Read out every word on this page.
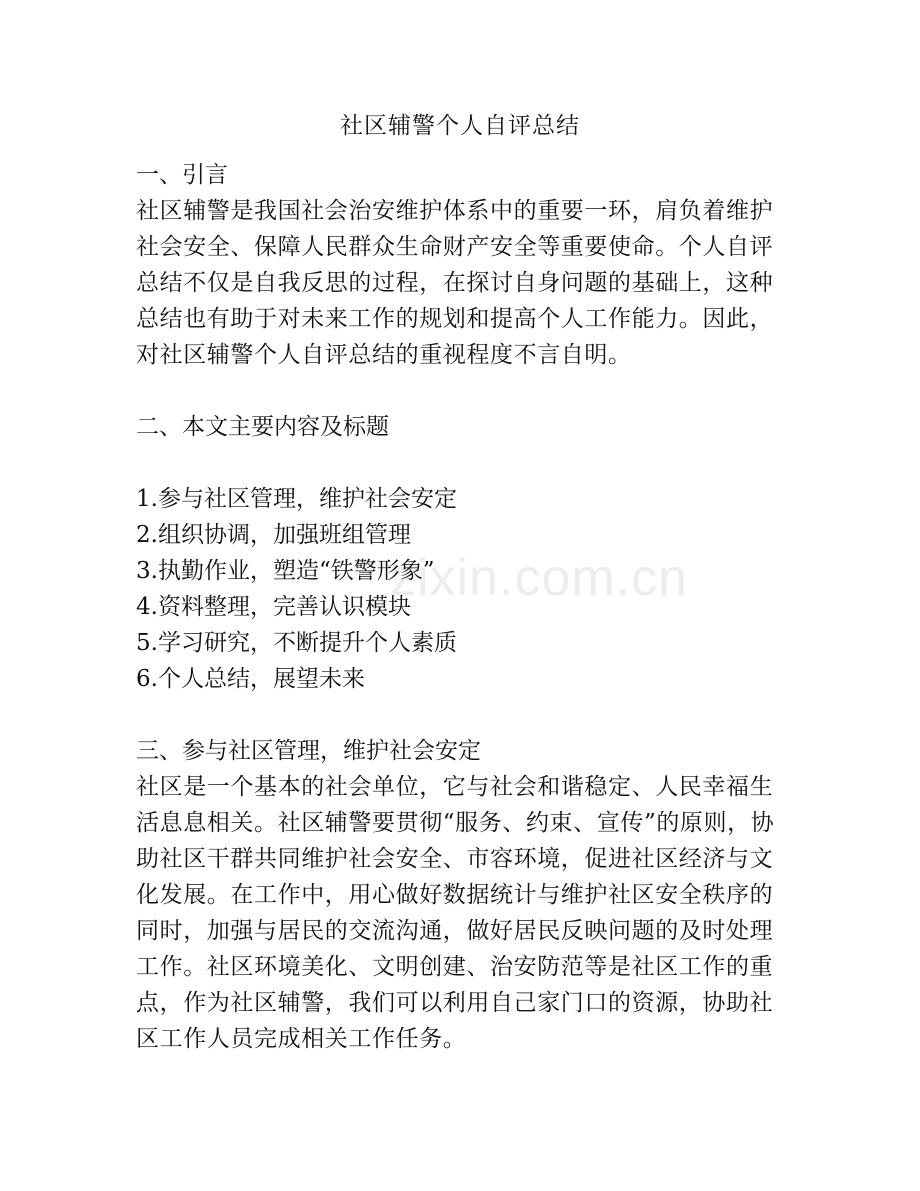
社区辅警个人自评总结
一、引言
社区辅警是我国社会治安维护体系中的重要一环，肩负着维护
社会安全、保障人民群众生命财产安全等重要使命。个人自评
总结不仅是自我反思的过程，在探讨自身问题的基础上，这种
总结也有助于对未来工作的规划和提高个人工作能力。因此，
对社区辅警个人自评总结的重视程度不言自明。
二、本文主要内容及标题
1.参与社区管理，维护社会安定
2.组织协调，加强班组管理
3.执勤作业，塑造“铁警形象”
4.资料整理，完善认识模块
5.学习研究，不断提升个人素质
6.个人总结，展望未来
三、参与社区管理，维护社会安定
社区是一个基本的社会单位，它与社会和谐稳定、人民幸福生
活息息相关。社区辅警要贯彻“服务、约束、宣传”的原则，协
助社区干群共同维护社会安全、市容环境，促进社区经济与文
化发展。在工作中，用心做好数据统计与维护社区安全秩序的
同时，加强与居民的交流沟通，做好居民反映问题的及时处理
工作。社区环境美化、文明创建、治安防范等是社区工作的重
点，作为社区辅警，我们可以利用自己家门口的资源，协助社
区工作人员完成相关工作任务。
zixin.com.cn
